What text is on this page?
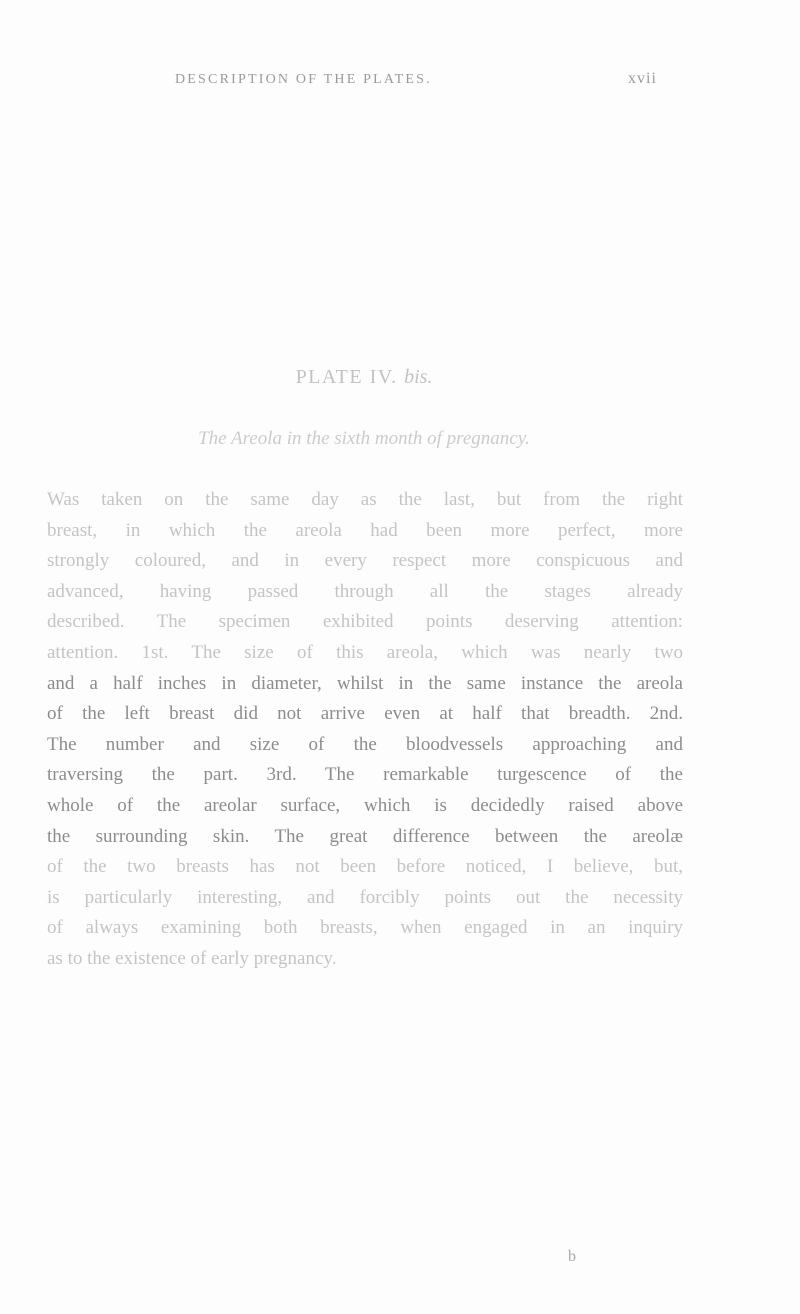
DESCRIPTION OF THE PLATES.	xvii
PLATE IV. bis.
The Areola in the sixth month of pregnancy.
Was taken on the same day as the last, but from the right
breast, in which the areola had been more perfect, more
strongly coloured, and in every respect more conspicuous and
advanced, having passed through all the stages already
described. The specimen exhibited points deserving attention:
attention. 1st. The size of this areola, which was nearly two
and a half inches in diameter, whilst in the same instance the areola
of the left breast did not arrive even at half that breadth. 2nd.
The number and size of the bloodvessels approaching and
traversing the part. 3rd. The remarkable turgescence of the
whole of the areolar surface, which is decidedly raised above
the surrounding skin. The great difference between the areolæ
of the two breasts has not been before noticed, I believe, but,
is particularly interesting, and forcibly points out the necessity
of always examining both breasts, when engaged in an inquiry
as to the existence of early pregnancy.
b
